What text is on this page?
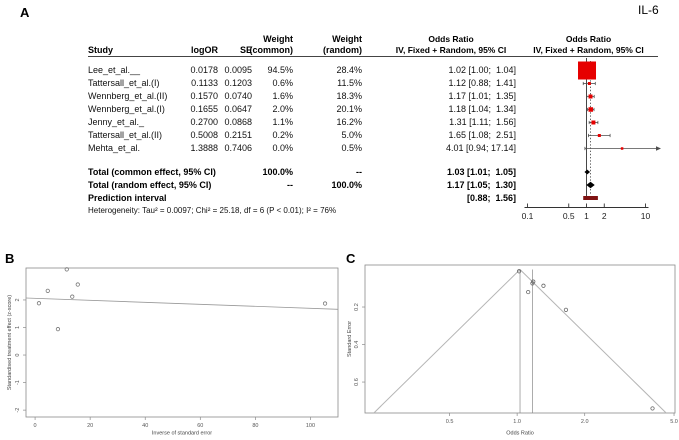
IL-6
A
B	C
Study	logOR	SE
Weight
(common)
Weight
(random)
Odds Ratio
IV, Fixed + Random, 95% CI
Odds Ratio
IV, Fixed + Random, 95% CI
Lee_et_al.__	0.0178 0.0095	94.5%	28.4%	1.02 [1.00;  1.04]
Tattersall_et_al.(I)	0.1133 0.1203	0.6%	11.5%	1.12 [0.88;  1.41]
Wennberg_et_al.(II)	0.1570 0.0740	1.6%	18.3%	1.17 [1.01;  1.35]
Wennberg_et_al.(I)	0.1655 0.0647	2.0%	20.1%	1.18 [1.04;  1.34]
Jenny_et_al._	0.2700 0.0868	1.1%	16.2%	1.31 [1.11;  1.56]
Tattersall_et_al.(II)	0.5008 0.2151	0.2%	5.0%	1.65 [1.08;  2.51]
Mehta_et_al.	1.3888 0.7406	0.0%	0.5%	4.01 [0.94; 17.14]
Total (common effect, 95% CI)	100.0%	--	1.03 [1.01;  1.05]
Total (random effect, 95% CI)	--	100.0%	1.17 [1.05;  1.30]
Prediction interval	[0.88;  1.56]
Heterogeneity: Tau² = 0.0097; Chi² = 25.18, df = 6 (P < 0.01); I² = 76%
0.1	0.5 1 2	10
0	20	40	60	80	100
-2
-1
0
1
2
Inverse of standard error
Standardised treatment effect (z-score)
0.5	1.0	2.0	5.0
0.2
0.4
0.6
Odds Ratio
Standard Error
